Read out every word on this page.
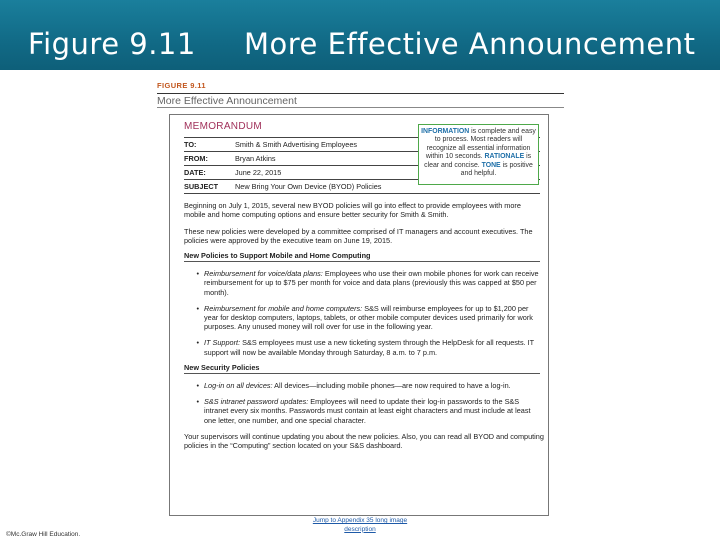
Figure 9.11 More Effective Announcement
FIGURE 9.11
More Effective Announcement
MEMORANDUM
TO:	Smith & Smith Advertising Employees
FROM:	Bryan Atkins
DATE:	June 22, 2015
SUBJECT	New Bring Your Own Device (BYOD) Policies
Beginning on July 1, 2015, several new BYOD policies will go into effect to provide employees with more mobile and home computing options and ensure better security for Smith & Smith.
These new policies were developed by a committee comprised of IT managers and account executives. The policies were approved by the executive team on June 19, 2015.
New Policies to Support Mobile and Home Computing
• Reimbursement for voice/data plans: Employees who use their own mobile phones for work can receive reimbursement for up to $75 per month for voice and data plans (previously this was capped at $50 per month).
• Reimbursement for mobile and home computers: S&S will reimburse employees for up to $1,200 per year for desktop computers, laptops, tablets, or other mobile computer devices used primarily for work purposes. Any unused money will roll over for use in the following year.
• IT Support: S&S employees must use a new ticketing system through the HelpDesk for all requests. IT support will now be available Monday through Saturday, 8 a.m. to 7 p.m.
New Security Policies
• Log-in on all devices: All devices—including mobile phones—are now required to have a log-in.
• S&S intranet password updates: Employees will need to update their log-in passwords to the S&S intranet every six months. Passwords must contain at least eight characters and must include at least one letter, one number, and one special character.
Your supervisors will continue updating you about the new policies. Also, you can read all BYOD and computing policies in the “Computing” section located on your S&S dashboard.
INFORMATION is complete and easy to process. Most readers will recognize all essential information within 10 seconds. RATIONALE is clear and concise. TONE is positive and helpful.
©Mc.Graw Hill Education.
Jump to Appendix 35 long image description
